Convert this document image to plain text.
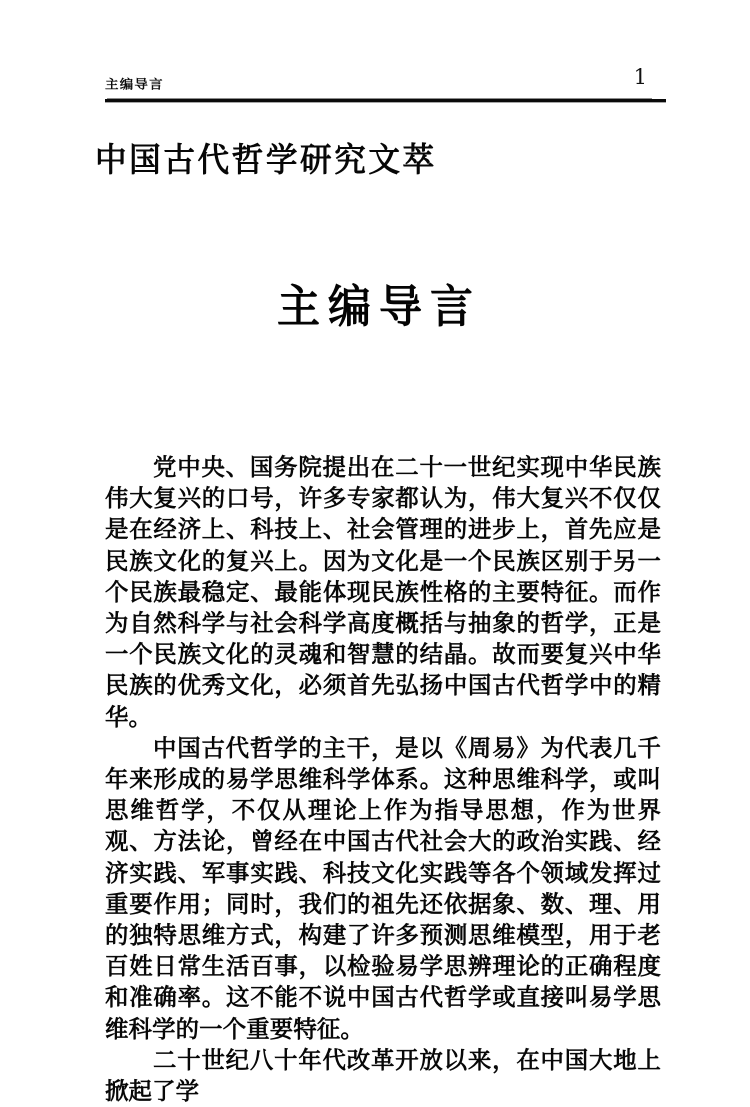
主编导言	1
中国古代哲学研究文萃
主编导言

党中央、国务院提出在二十一世纪实现中华民族伟大复兴的口号，许多专家都认为，伟大复兴不仅仅是在经济上、科技上、社会管理的进步上，首先应是民族文化的复兴上。因为文化是一个民族区别于另一个民族最稳定、最能体现民族性格的主要特征。而作为自然科学与社会科学高度概括与抽象的哲学，正是一个民族文化的灵魂和智慧的结晶。故而要复兴中华民族的优秀文化，必须首先弘扬中国古代哲学中的精华。

中国古代哲学的主干，是以《周易》为代表几千年来形成的易学思维科学体系。这种思维科学，或叫思维哲学，不仅从理论上作为指导思想，作为世界观、方法论，曾经在中国古代社会大的政治实践、经济实践、军事实践、科技文化实践等各个领域发挥过重要作用；同时，我们的祖先还依据象、数、理、用的独特思维方式，构建了许多预测思维模型，用于老百姓日常生活百事，以检验易学思辨理论的正确程度和准确率。这不能不说中国古代哲学或直接叫易学思维科学的一个重要特征。

二十世纪八十年代改革开放以来，在中国大地上掀起了学
